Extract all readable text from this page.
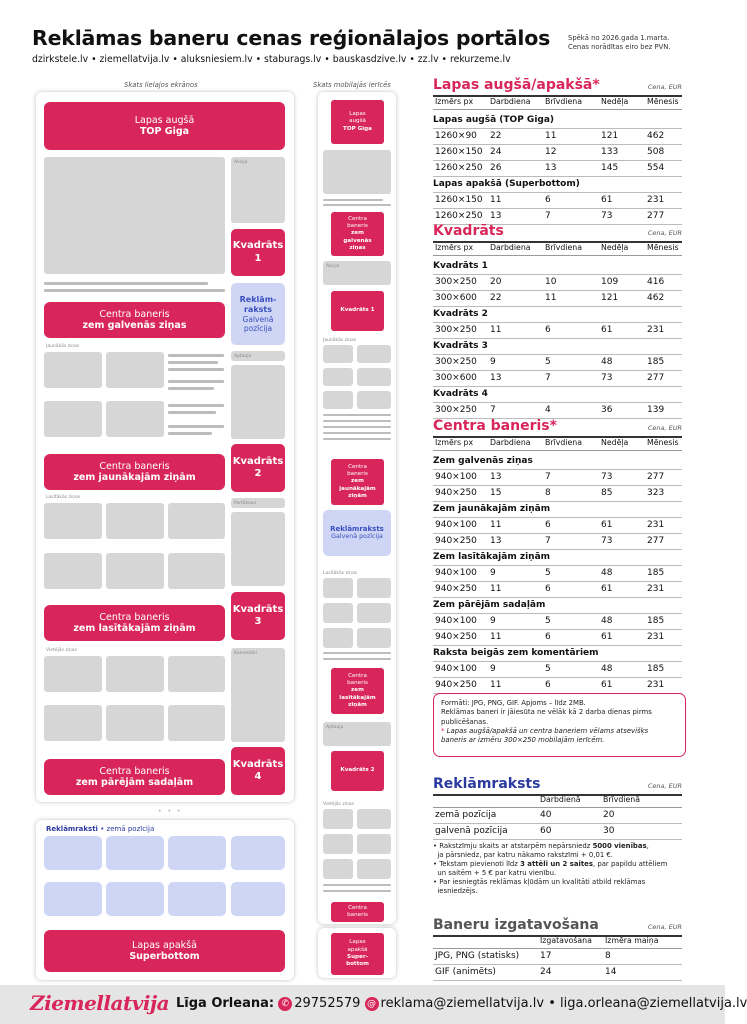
Reklāmas baneru cenas reģionālajos portālos	Spēkā no 2026.gada 1.marta.
Cenas norādītas eiro bez PVN.
dzirkstele.lv • ziemellatvija.lv • aluksniesiem.lv • staburags.lv • bauskasdzive.lv • zz.lv • rekurzeme.lv
Skats lielajos ekrānos
Lapas augšā
TOP Giga
Akcija
Kvadrāts
1
Centra baneris
zem galvenās ziņas
Reklām-
raksts
Galvenā
pozīcija
Jaunākās ziņas
Aptauja
Centra baneris
zem jaunākajām ziņām
Kvadrāts
2
Lasītākās ziņas
Portālsavi
Centra baneris
zem lasītākajām ziņām
Kvadrāts
3
Vietējās ziņas
Komentāri
Centra baneris
zem pārējām sadaļām
Kvadrāts
4
• • •
Reklāmraksti • zemā pozīcija
Lapas apakšā
Superbottom
Skats mobilajās ierīcēs
Lapas
augšā
TOP Giga
Centra
baneris
zem
galvenās
ziņas
Akcija
Kvadrāts 1
Jaunākās ziņas
Centra
baneris
zem
jaunākajām
ziņām
Reklāmraksts
Galvenā pozīcija
Lasītākās ziņas
Centra
baneris
zem
lasītākajām
ziņām
Aptauja
Kvadrāts 2
Vietējās ziņas
Centra
baneris
Lapas
apakšā
Super-
bottom
Lapas augšā/apakšā*	Cena, EUR
Izmērs px Darbdiena Brīvdiena Nedēļa Mēnesis
Lapas augšā (TOP Giga)
1260×90 22	11	121	462
1260×150 24	12	133	508
1260×250 26	13	145	554
Lapas apakšā (Superbottom)
1260×150 11	6	61	231
1260×250 13	7	73	277
Kvadrāts	Cena, EUR
Izmērs px Darbdiena Brīvdiena Nedēļa Mēnesis
Kvadrāts 1
300×250 20	10	109	416
300×600 22	11	121	462
Kvadrāts 2
300×250 11	6	61	231
Kvadrāts 3
300×250 9	5	48	185
300×600 13	7	73	277
Kvadrāts 4
300×250 7	4	36	139
Centra baneris*	Cena, EUR
Izmērs px Darbdiena Brīvdiena Nedēļa Mēnesis
Zem galvenās ziņas
940×100 13	7	73	277
940×250 15	8	85	323
Zem jaunākajām ziņām
940×100 11	6	61	231
940×250 13	7	73	277
Zem lasītākajām ziņām
940×100 9	5	48	185
940×250 11	6	61	231
Zem pārējām sadaļām
940×100 9	5	48	185
940×250 11	6	61	231
Raksta beigās zem komentāriem
940×100 9	5	48	185
940×250 11	6	61	231
Reklāmraksts	Cena, EUR
Darbdienā	Brīvdienā
zemā pozīcija	40	20
galvenā pozīcija	60	30
• Rakstzīmju skaits ar atstarpēm nepārsniedz 5000 vienības,
ja pārsniedz, par katru nākamo rakstzīmi + 0,01 €.
• Tekstam pievienoti līdz 3 attēli un 2 saites, par papildu attēliem
un saitēm + 5 € par katru vienību.
• Par iesniegtās reklāmas kļūdām un kvalitāti atbild reklāmas
iesniedzējs.
Baneru izgatavošana	Cena, EUR
Izgatavošana Izmēra maiņa
JPG, PNG (statisks) 17	8
GIF (animēts)	24	14
Formāti: JPG, PNG, GIF. Apjoms – līdz 2MB.
Reklāmas baneri ir jāiesūta ne vēlāk kā 2 darba dienas pirms
publicēšanas.
* Lapas augšā/apakšā un centra baneriem vēlams atsevišķs
baneris ar izmēru 300×250 mobilajām ierīcēm.
Ziemellatvija Līga Orleana: ✆ 29752579 @ reklama@ziemellatvija.lv • liga.orleana@ziemellatvija.lv
